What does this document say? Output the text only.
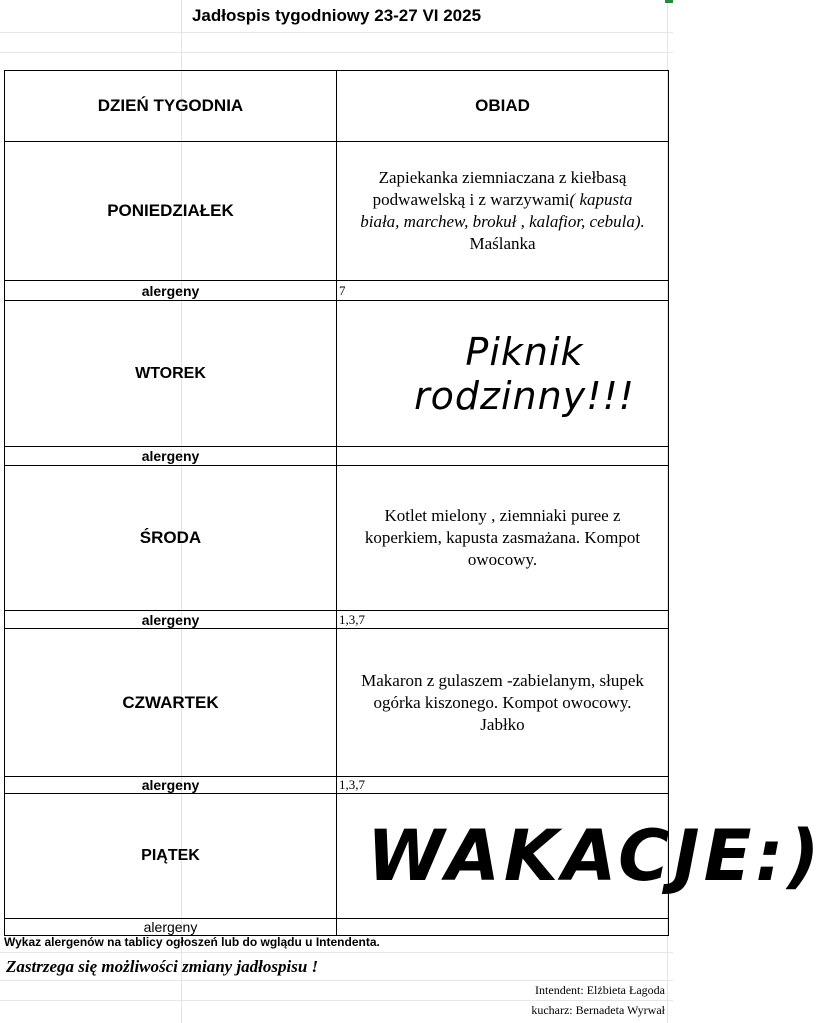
Jadłospis tygodniowy 23-27 VI 2025
DZIEŃ TYGODNIA	OBIAD
PONIEDZIAŁEK	Zapiekanka ziemniaczana z kiełbasą podwawelską i z warzywami( kapusta biała, marchew, brokuł , kalafior, cebula). Maślanka
alergeny	7
WTOREK	Piknik rodzinny!!!
alergeny	
ŚRODA	Kotlet mielony , ziemniaki puree z koperkiem, kapusta zasmażana. Kompot owocowy.
alergeny	1,3,7
CZWARTEK	Makaron z gulaszem -zabielanym, słupek ogórka kiszonego. Kompot owocowy. Jabłko
alergeny	1,3,7
PIĄTEK	WAKACJE:)
alergeny	
Wykaz alergenów na tablicy ogłoszeń lub do wglądu u Intendenta.
Zastrzega się możliwości zmiany jadłospisu !
Intendent: Elżbieta Łagoda
kucharz: Bernadeta Wyrwał
